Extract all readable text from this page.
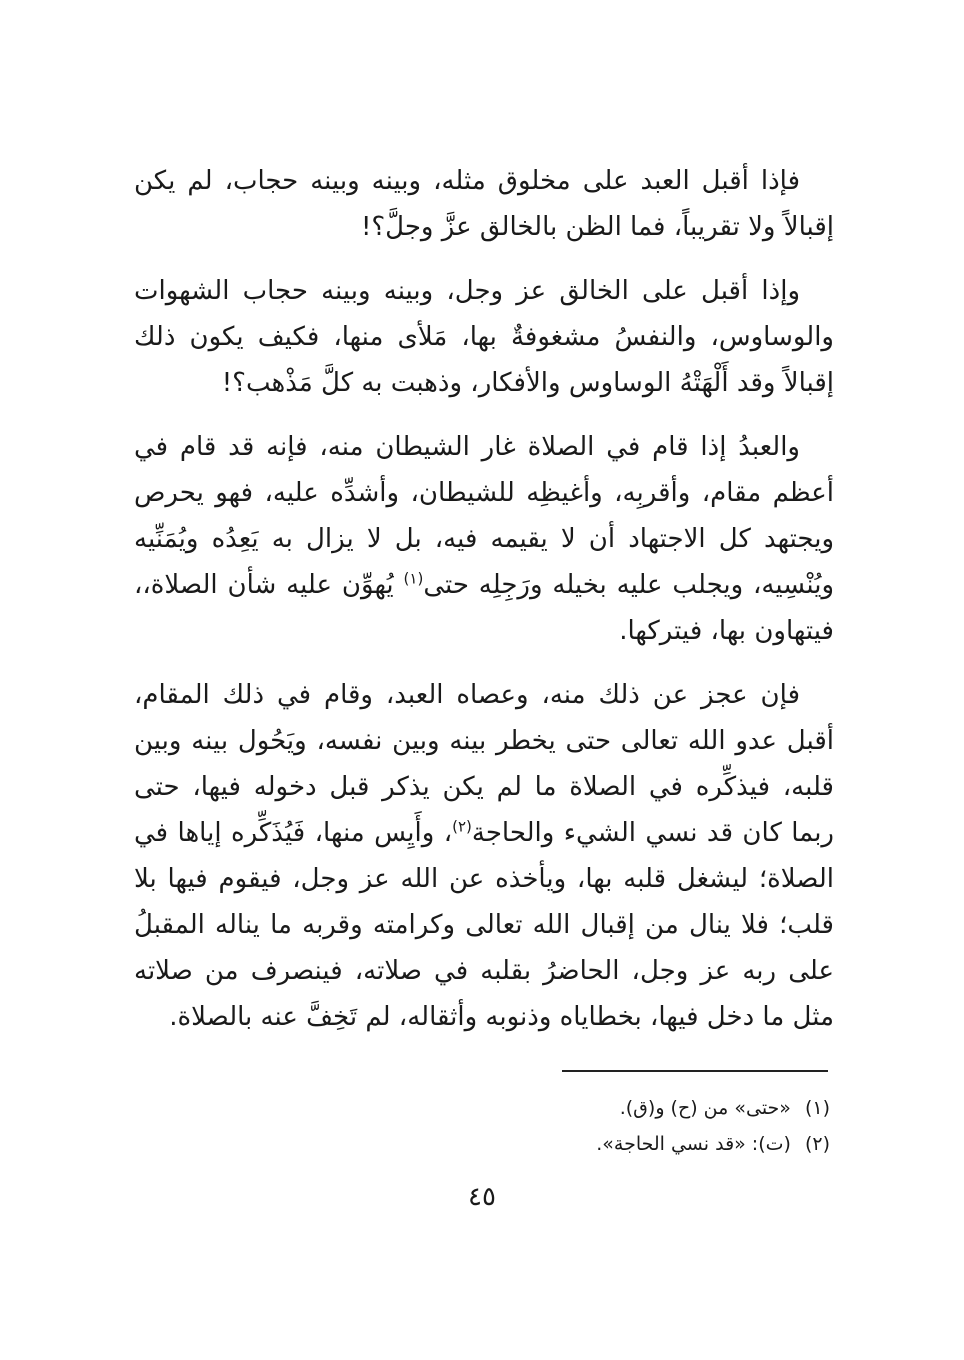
فإذا أقبل العبد على مخلوق مثله، وبينه وبينه حجاب، لم يكن إقبالاً ولا تقريباً، فما الظن بالخالق عزَّ وجلَّ؟!

وإذا أقبل على الخالق عز وجل، وبينه وبينه حجاب الشهوات والوساوس، والنفسُ مشغوفةٌ بها، مَلأى منها، فكيف يكون ذلك إقبالاً وقد أَلْهَتْهُ الوساوس والأفكار، وذهبت به كلَّ مَذْهب؟!

والعبدُ إذا قام في الصلاة غار الشيطان منه، فإنه قد قام في أعظم مقام، وأقربِه، وأغيظِه للشيطان، وأشدِّه عليه، فهو يحرص ويجتهد كل الاجتهاد أن لا يقيمه فيه، بل لا يزال به يَعِدُه ويُمَنِّيه ويُنْسِيه، ويجلب عليه بخيله ورَجِلِه حتى$^{(١)}$ يُهوِّن عليه شأن الصلاة،، فيتهاون بها، فيتركها.

فإن عجز عن ذلك منه، وعصاه العبد، وقام في ذلك المقام، أقبل عدو الله تعالى حتى يخطر بينه وبين نفسه، ويَحُول بينه وبين قلبه، فيذكِّره في الصلاة ما لم يكن يذكر قبل دخوله فيها، حتى ربما كان قد نسي الشيء والحاجة$^{(٢)}$، وأَيِس منها، فَيُذَكِّره إياها في الصلاة؛ ليشغل قلبه بها، ويأخذه عن الله عز وجل، فيقوم فيها بلا قلب؛ فلا ينال من إقبال الله تعالى وكرامته وقربه ما يناله المقبلُ على ربه عز وجل، الحاضرُ بقلبه في صلاته، فينصرف من صلاته مثل ما دخل فيها، بخطاياه وذنوبه وأثقاله، لم تَخِفَّ عنه بالصلاة.

(١)«حتى» من (ح) و(ق).

(٢)(ت): «قد نسي الحاجة».

٤٥
